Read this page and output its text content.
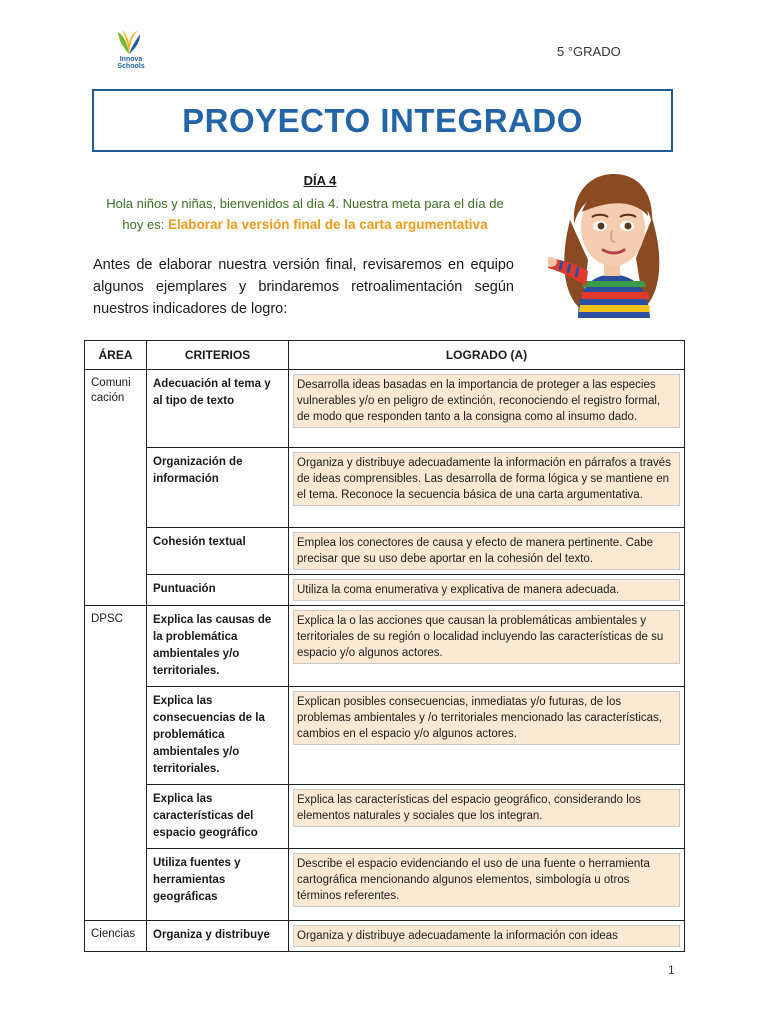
Innova
Schools
5 °GRADO
PROYECTO INTEGRADO
DÍA 4
Hola niños y niñas, bienvenidos al día 4. Nuestra meta para el día de hoy es: Elaborar la versión final de la carta argumentativa
Antes de elaborar nuestra versión final, revisaremos en equipo algunos ejemplares y brindaremos retroalimentación según nuestros indicadores de logro:
ÁREA	CRITERIOS	LOGRADO (A)
Comuni cación	Adecuación al tema y al tipo de texto	Desarrolla ideas basadas en la importancia de proteger a las especies vulnerables y/o en peligro de extinción, reconociendo el registro formal, de modo que responden tanto a la consigna como al insumo dado.

	Organización de información	Organiza y distribuye adecuadamente la información en párrafos a través de ideas comprensibles. Las desarrolla de forma lógica y se mantiene en el tema. Reconoce la secuencia básica de una carta argumentativa.

	Cohesión textual	Emplea los conectores de causa y efecto de manera pertinente. Cabe precisar que su uso debe aportar en la cohesión del texto.

	Puntuación	Utiliza la coma enumerativa y explicativa de manera adecuada.

DPSC	Explica las causas de la problemática ambientales y/o territoriales.	Explica la o las acciones que causan la problemáticas ambientales y territoriales de su región o localidad incluyendo las características de su espacio y/o algunos actores.

	Explica las consecuencias de la problemática ambientales y/o territoriales.	Explican posibles consecuencias, inmediatas y/o futuras, de los problemas ambientales y /o territoriales mencionado las características, cambios en el espacio y/o algunos actores.

	Explica las características del espacio geográfico	Explica las características del espacio geográfico, considerando los elementos naturales y sociales que los integran.

	Utiliza fuentes y herramientas geográficas	Describe el espacio evidenciando el uso de una fuente o herramienta cartográfica mencionando algunos elementos, simbología u otros términos referentes.

Ciencias	Organiza y distribuye	Organiza y distribuye adecuadamente la información con ideas
1
